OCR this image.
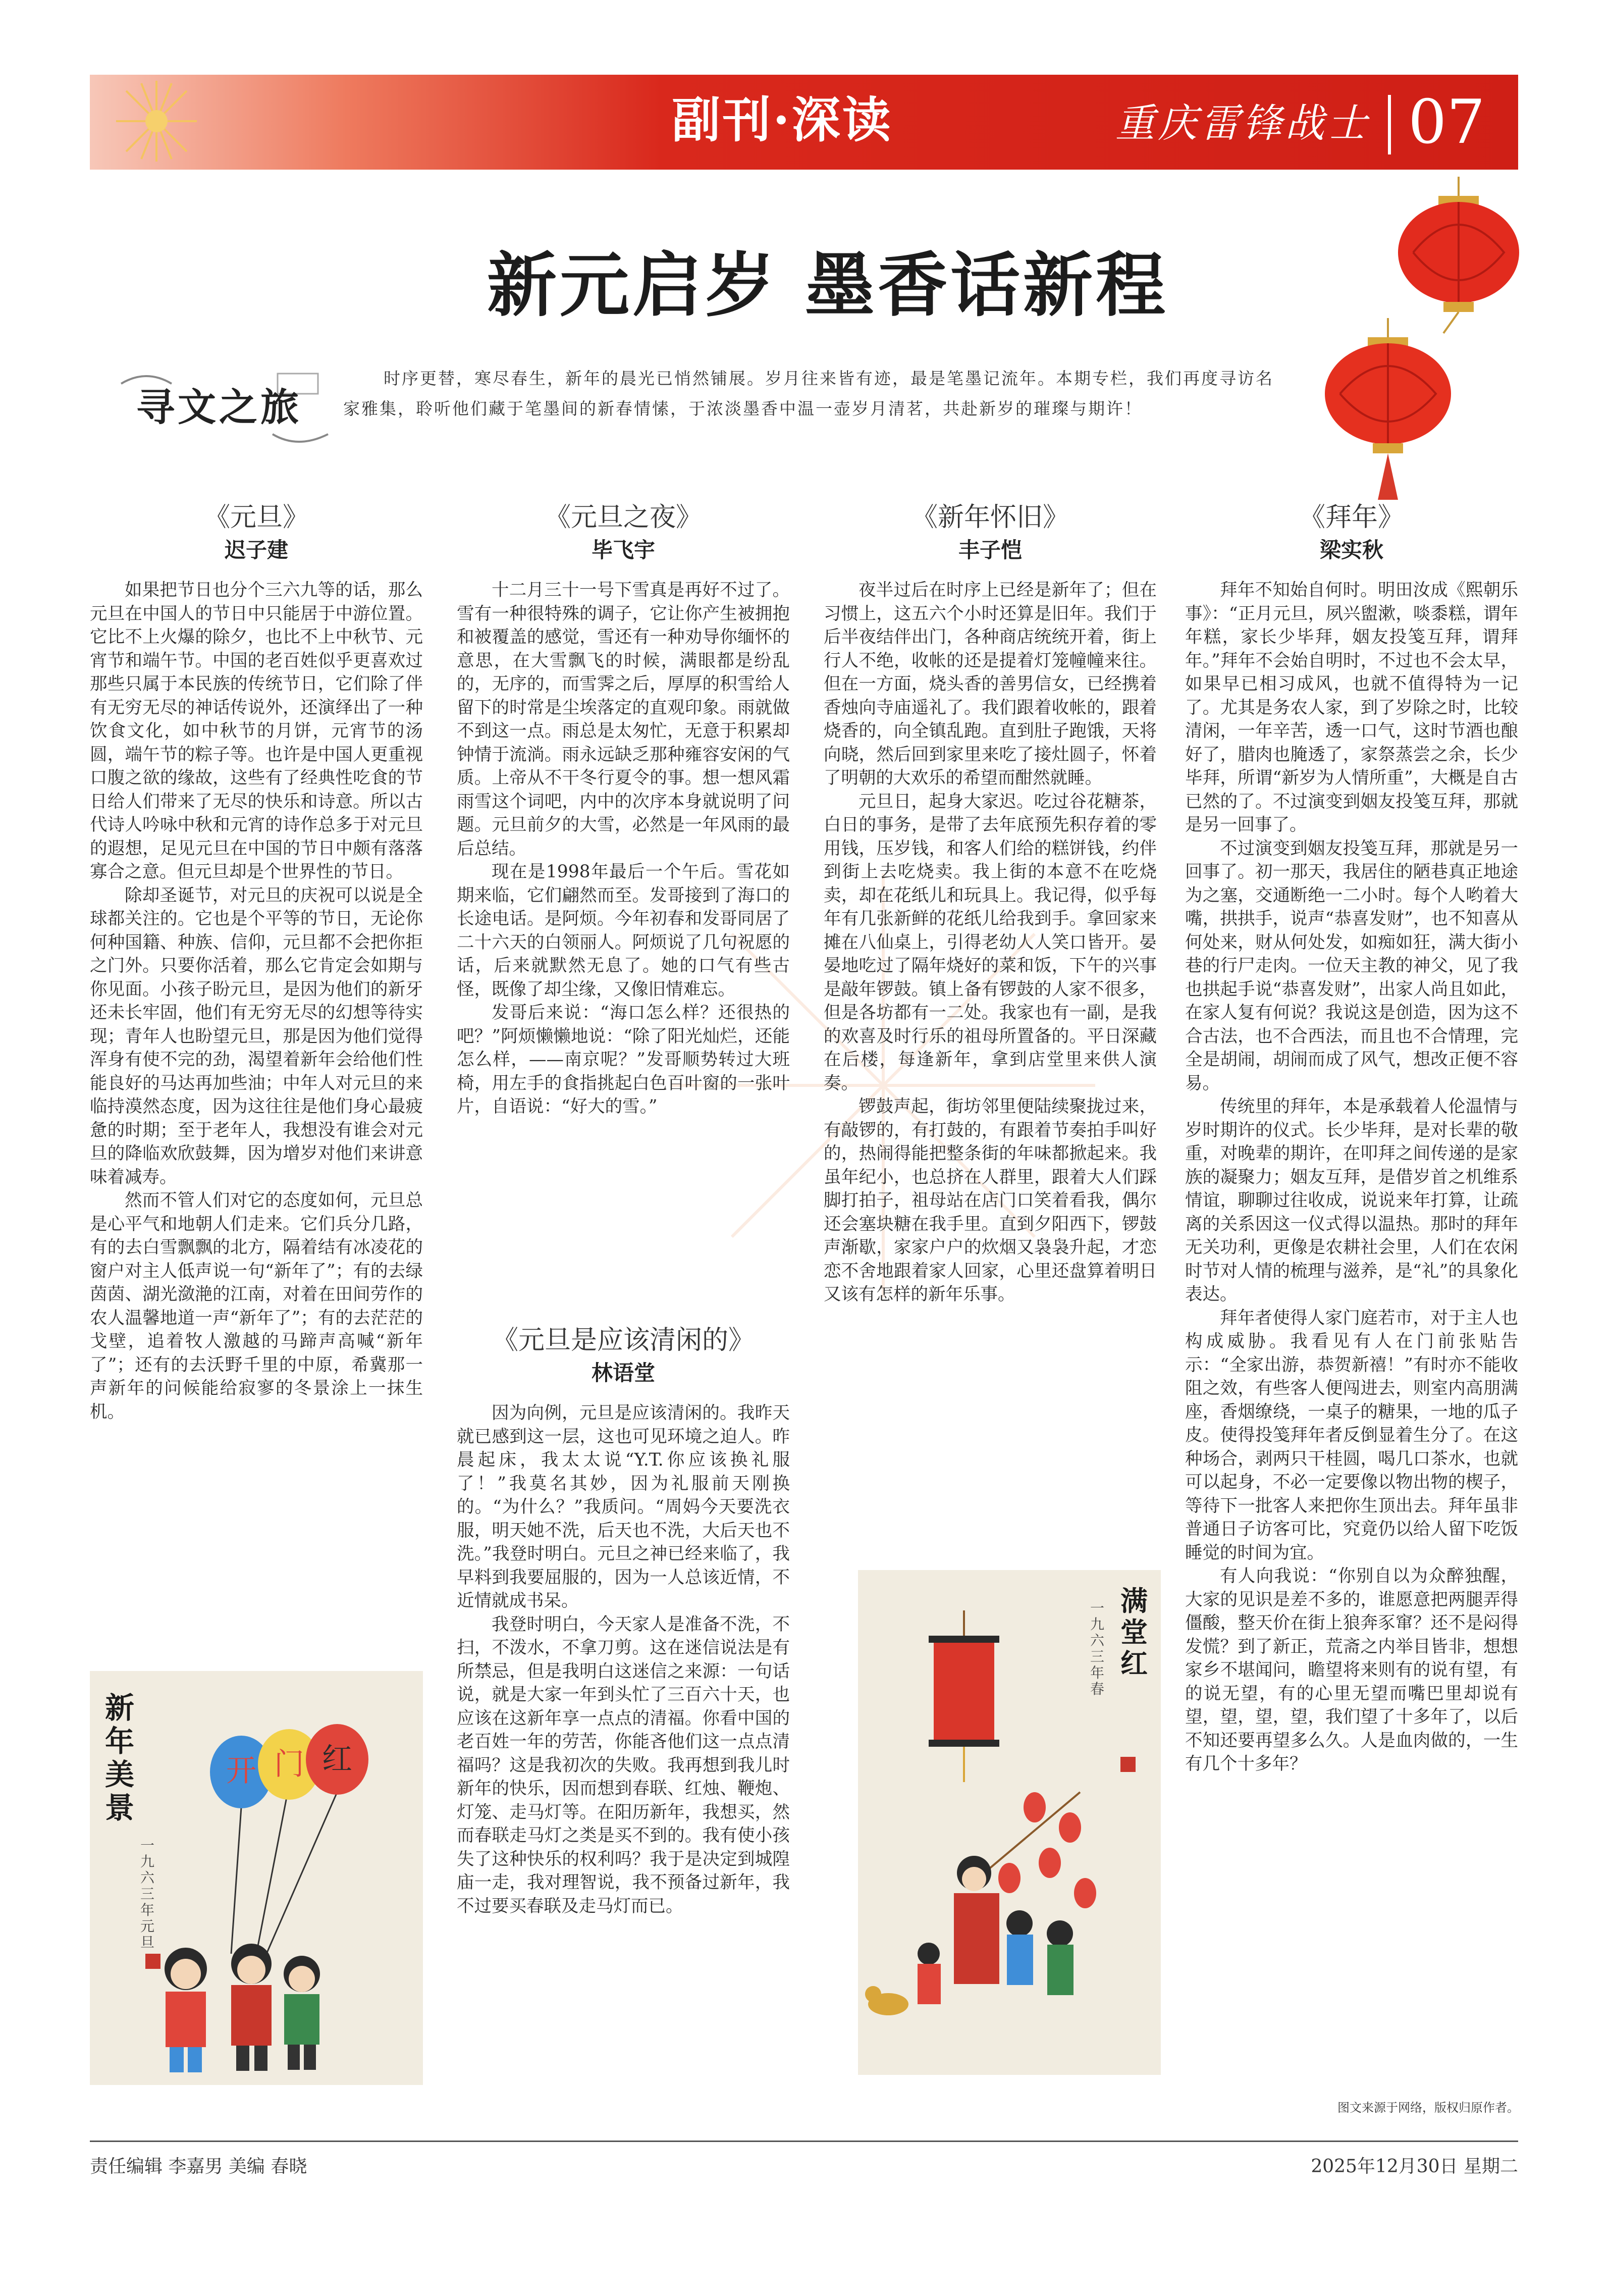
副刊·深读	重庆雷锋战士 07
新元启岁 墨香话新程
寻文之旅
时序更替，寒尽春生，新年的晨光已悄然铺展。岁月往来皆有迹，最是笔墨记流年。本期专栏，我们再度寻访名家雅集，聆听他们藏于笔墨间的新春情愫，于浓淡墨香中温一壶岁月清茗，共赴新岁的璀璨与期许！
《元旦》
迟子建

如果把节日也分个三六九等的话，那么元旦在中国人的节日中只能居于中游位置。它比不上火爆的除夕，也比不上中秋节、元宵节和端午节。中国的老百姓似乎更喜欢过那些只属于本民族的传统节日，它们除了伴有无穷无尽的神话传说外，还演绎出了一种饮食文化，如中秋节的月饼，元宵节的汤圆，端午节的粽子等。也许是中国人更重视口腹之欲的缘故，这些有了经典性吃食的节日给人们带来了无尽的快乐和诗意。所以古代诗人吟咏中秋和元宵的诗作总多于对元旦的遐想，足见元旦在中国的节日中颇有落落寡合之意。但元旦却是个世界性的节日。

除却圣诞节，对元旦的庆祝可以说是全球都关注的。它也是个平等的节日，无论你何种国籍、种族、信仰，元旦都不会把你拒之门外。只要你活着，那么它肯定会如期与你见面。小孩子盼元旦，是因为他们的新牙还未长牢固，他们有无穷无尽的幻想等待实现；青年人也盼望元旦，那是因为他们觉得浑身有使不完的劲，渴望着新年会给他们性能良好的马达再加些油；中年人对元旦的来临持漠然态度，因为这往往是他们身心最疲惫的时期；至于老年人，我想没有谁会对元旦的降临欢欣鼓舞，因为增岁对他们来讲意味着减寿。

然而不管人们对它的态度如何，元旦总是心平气和地朝人们走来。它们兵分几路，有的去白雪飘飘的北方，隔着结有冰凌花的窗户对主人低声说一句“新年了”；有的去绿茵茵、湖光潋滟的江南，对着在田间劳作的农人温馨地道一声“新年了”；有的去茫茫的戈壁，追着牧人激越的马蹄声高喊“新年了”；还有的去沃野千里的中原，希冀那一声新年的问候能给寂寥的冬景涂上一抹生机。

《元旦之夜》
毕飞宇

十二月三十一号下雪真是再好不过了。雪有一种很特殊的调子，它让你产生被拥抱和被覆盖的感觉，雪还有一种劝导你缅怀的意思，在大雪飘飞的时候，满眼都是纷乱的，无序的，而雪霁之后，厚厚的积雪给人留下的时常是尘埃落定的直观印象。雨就做不到这一点。雨总是太匆忙，无意于积累却钟情于流淌。雨永远缺乏那种雍容安闲的气质。上帝从不干冬行夏令的事。想一想风霜雨雪这个词吧，内中的次序本身就说明了问题。元旦前夕的大雪，必然是一年风雨的最后总结。

现在是1998年最后一个午后。雪花如期来临，它们翩然而至。发哥接到了海口的长途电话。是阿烦。今年初春和发哥同居了二十六天的白领丽人。阿烦说了几句祝愿的话，后来就默然无息了。她的口气有些古怪，既像了却尘缘，又像旧情难忘。

发哥后来说：“海口怎么样？还很热的吧？”阿烦懒懒地说：“除了阳光灿烂，还能怎么样，——南京呢？”发哥顺势转过大班椅，用左手的食指挑起白色百叶窗的一张叶片，自语说：“好大的雪。”

《元旦是应该清闲的》
林语堂

因为向例，元旦是应该清闲的。我昨天就已感到这一层，这也可见环境之迫人。昨晨起床，我太太说“Y.T.你应该换礼服了！”我莫名其妙，因为礼服前天刚换的。“为什么？”我质问。“周妈今天要洗衣服，明天她不洗，后天也不洗，大后天也不洗。”我登时明白。元旦之神已经来临了，我早料到我要屈服的，因为一人总该近情，不近情就成书呆。

我登时明白，今天家人是准备不洗，不扫，不泼水，不拿刀剪。这在迷信说法是有所禁忌，但是我明白这迷信之来源：一句话说，就是大家一年到头忙了三百六十天，也应该在这新年享一点点的清福。你看中国的老百姓一年的劳苦，你能吝他们这一点点清福吗？这是我初次的失败。我再想到我儿时新年的快乐，因而想到春联、红烛、鞭炮、灯笼、走马灯等。在阳历新年，我想买，然而春联走马灯之类是买不到的。我有使小孩失了这种快乐的权利吗？我于是决定到城隍庙一走，我对理智说，我不预备过新年，我不过要买春联及走马灯而已。

《新年怀旧》
丰子恺

夜半过后在时序上已经是新年了；但在习惯上，这五六个小时还算是旧年。我们于后半夜结伴出门，各种商店统统开着，街上行人不绝，收帐的还是提着灯笼幢幢来往。但在一方面，烧头香的善男信女，已经携着香烛向寺庙遥礼了。我们跟着收帐的，跟着烧香的，向全镇乱跑。直到肚子跑饿，天将向晓，然后回到家里来吃了接灶圆子，怀着了明朝的大欢乐的希望而酣然就睡。

元旦日，起身大家迟。吃过谷花糖茶，白日的事务，是带了去年底预先积存着的零用钱，压岁钱，和客人们给的糕饼钱，约伴到街上去吃烧卖。我上街的本意不在吃烧卖，却在花纸儿和玩具上。我记得，似乎每年有几张新鲜的花纸儿给我到手。拿回家来摊在八仙桌上，引得老幼人人笑口皆开。晏晏地吃过了隔年烧好的菜和饭，下午的兴事是敲年锣鼓。镇上备有锣鼓的人家不很多，但是各坊都有一二处。我家也有一副，是我的欢喜及时行乐的祖母所置备的。平日深藏在后楼，每逢新年，拿到店堂里来供人演奏。

锣鼓声起，街坊邻里便陆续聚拢过来，有敲锣的，有打鼓的，有跟着节奏拍手叫好的，热闹得能把整条街的年味都掀起来。我虽年纪小，也总挤在人群里，跟着大人们踩脚打拍子，祖母站在店门口笑着看我，偶尔还会塞块糖在我手里。直到夕阳西下，锣鼓声渐歇，家家户户的炊烟又袅袅升起，才恋恋不舍地跟着家人回家，心里还盘算着明日又该有怎样的新年乐事。

《拜年》
梁实秋

拜年不知始自何时。明田汝成《熙朝乐事》：“正月元旦，夙兴盥漱，啖黍糕，谓年年糕，家长少毕拜，姻友投笺互拜，谓拜年。”拜年不会始自明时，不过也不会太早，如果早已相习成风，也就不值得特为一记了。尤其是务农人家，到了岁除之时，比较清闲，一年辛苦，透一口气，这时节酒也酿好了，腊肉也腌透了，家祭蒸尝之余，长少毕拜，所谓“新岁为人情所重”，大概是自古已然的了。不过演变到姻友投笺互拜，那就是另一回事了。

不过演变到姻友投笺互拜，那就是另一回事了。初一那天，我居住的陋巷真正地途为之塞，交通断绝一二小时。每个人哟着大嘴，拱拱手，说声“恭喜发财”，也不知喜从何处来，财从何处发，如痴如狂，满大街小巷的行尸走肉。一位天主教的神父，见了我也拱起手说“恭喜发财”，出家人尚且如此，在家人复有何说？我说这是创造，因为这不合古法，也不合西法，而且也不合情理，完全是胡闹，胡闹而成了风气，想改正便不容易。

传统里的拜年，本是承载着人伦温情与岁时期许的仪式。长少毕拜，是对长辈的敬重，对晚辈的期许，在叩拜之间传递的是家族的凝聚力；姻友互拜，是借岁首之机维系情谊，聊聊过往收成，说说来年打算，让疏离的关系因这一仪式得以温热。那时的拜年无关功利，更像是农耕社会里，人们在农闲时节对人情的梳理与滋养，是“礼”的具象化表达。

拜年者使得人家门庭若市，对于主人也构成威胁。我看见有人在门前张贴告示：“全家出游，恭贺新禧！”有时亦不能收阻之效，有些客人便闯进去，则室内高朋满座，香烟缭绕，一桌子的糖果，一地的瓜子皮。使得投笺拜年者反倒显着生分了。在这种场合，剥两只干桂圆，喝几口茶水，也就可以起身，不必一定要像以物出物的楔子，等待下一批客人来把你生顶出去。拜年虽非普通日子访客可比，究竟仍以给人留下吃饭睡觉的时间为宜。

有人向我说：“你别自以为众醉独醒，大家的见识是差不多的，谁愿意把两腿弄得僵酸，整天价在街上狼奔豕窜？还不是闷得发慌？到了新正，荒斋之内举目皆非，想想家乡不堪闻问，瞻望将来则有的说有望，有的说无望，有的心里无望而嘴巴里却说有望，望，望，望，我们望了十多年了，以后不知还要再望多么久。人是血肉做的，一生有几个十多年？

开 门 红
新年美景
一九六三年元旦
满堂红
一九六三年春
图文来源于网络，版权归原作者。
责任编辑 李嘉男 美编 春晓	2025年12月30日 星期二
